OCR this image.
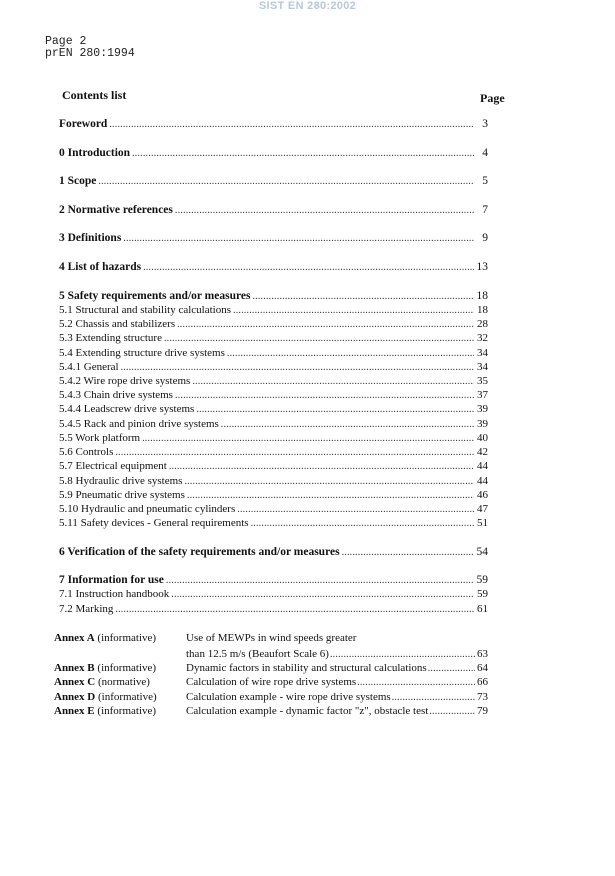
SIST EN 280:2002
Page 2
prEN 280:1994
Contents list	Page
Foreword .....	3
0 Introduction .....	4
1 Scope .....	5
2 Normative references .....	7
3 Definitions .....	9
4 List of hazards .....	13
5 Safety requirements and/or measures .....	18
5.1 Structural and stability calculations .....	18
5.2 Chassis and stabilizers .....	28
5.3 Extending structure .....	32
5.4 Extending structure drive systems .....	34
5.4.1 General .....	34
5.4.2 Wire rope drive systems .....	35
5.4.3 Chain drive systems .....	37
5.4.4 Leadscrew drive systems .....	39
5.4.5 Rack and pinion drive systems .....	39
5.5 Work platform .....	40
5.6 Controls .....	42
5.7 Electrical equipment .....	44
5.8 Hydraulic drive systems .....	44
5.9 Pneumatic drive systems .....	46
5.10 Hydraulic and pneumatic cylinders .....	47
5.11 Safety devices - General requirements .....	51
6 Verification of the safety requirements and/or measures .....	54
7 Information for use .....	59
7.1 Instruction handbook .....	59
7.2 Marking .....	61
Annex A (informative)	Use of MEWPs in wind speeds greater
than 12.5 m/s (Beaufort Scale 6) .....	63
Annex B (informative)	Dynamic factors in stability and structural calculations .....	64
Annex C (normative)	Calculation of wire rope drive systems .....	66
Annex D (informative)	Calculation example - wire rope drive systems .....	73
Annex E (informative)	Calculation example - dynamic factor "z", obstacle test .....	79
